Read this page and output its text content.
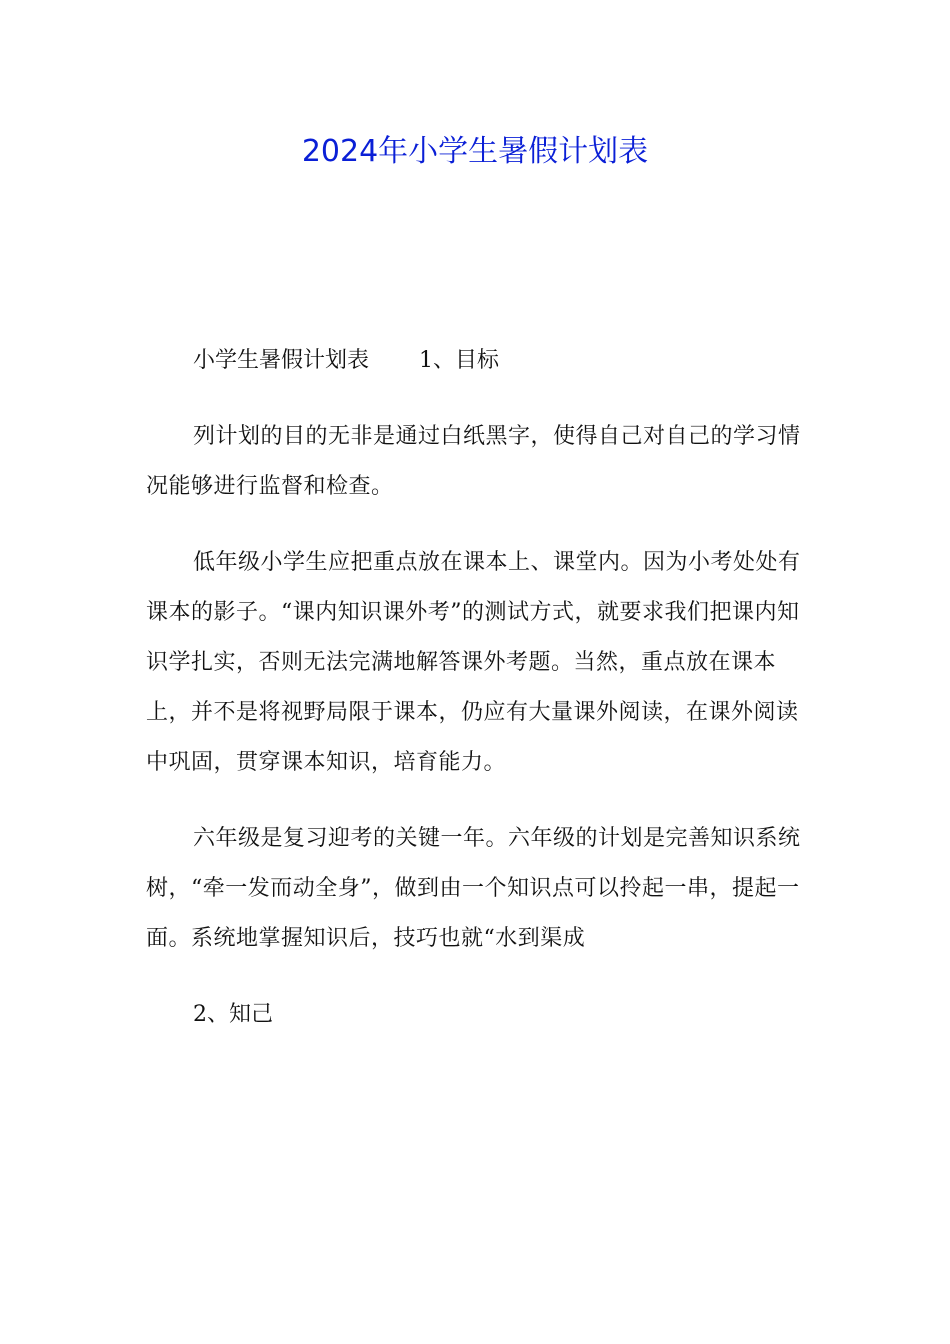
2024年小学生暑假计划表

小学生暑假计划表 1、目标

列计划的目的无非是通过白纸黑字，使得自己对自己的学习情况能够进行监督和检查。

低年级小学生应把重点放在课本上、课堂内。因为小考处处有课本的影子。“课内知识课外考”的测试方式，就要求我们把课内知识学扎实，否则无法完满地解答课外考题。当然，重点放在课本上，并不是将视野局限于课本，仍应有大量课外阅读，在课外阅读中巩固，贯穿课本知识，培育能力。

六年级是复习迎考的关键一年。六年级的计划是完善知识系统树，“牵一发而动全身”，做到由一个知识点可以拎起一串，提起一面。系统地掌握知识后，技巧也就“水到渠成

2、知己
